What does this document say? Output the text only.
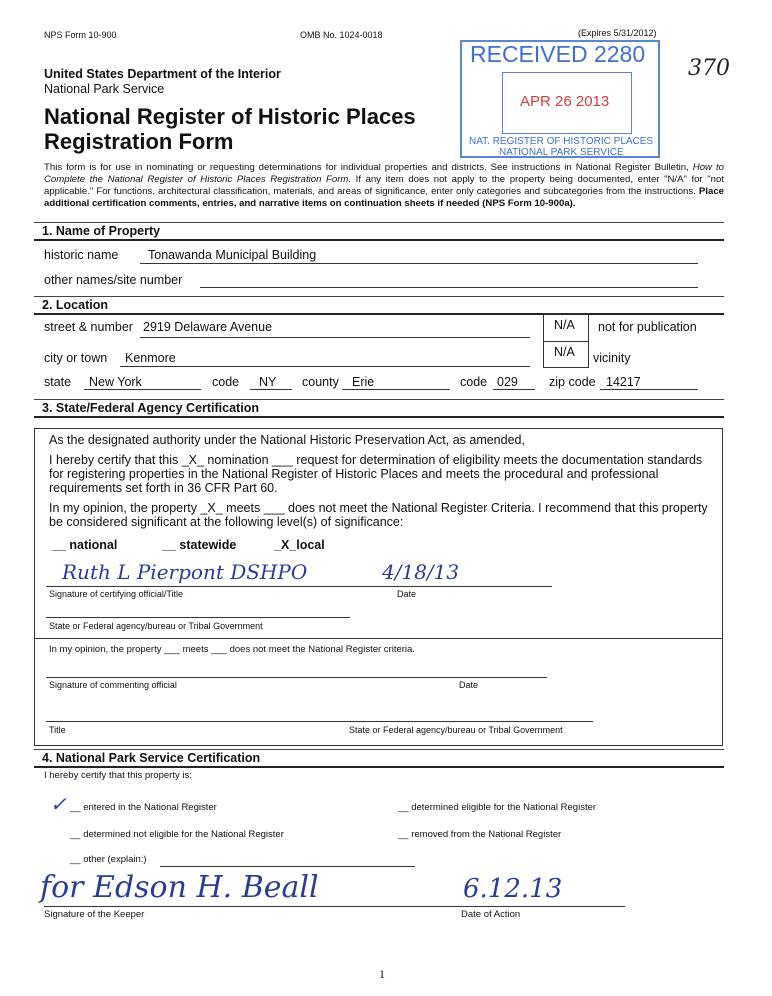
NPS Form 10-900	OMB No. 1024-0018	(Expires 5/31/2012)
RECEIVED 2280
APR 26 2013
NAT. REGISTER OF HISTORIC PLACES
NATIONAL PARK SERVICE
370
United States Department of the Interior
National Park Service
National Register of Historic Places
Registration Form
This form is for use in nominating or requesting determinations for individual properties and districts. See instructions in National Register Bulletin, How to Complete the National Register of Historic Places Registration Form. If any item does not apply to the property being documented, enter "N/A" for "not applicable." For functions, architectural classification, materials, and areas of significance, enter only categories and subcategories from the instructions. Place additional certification comments, entries, and narrative items on continuation sheets if needed (NPS Form 10-900a).
1. Name of Property
historic name Tonawanda Municipal Building
other names/site number
2. Location
street & number 2919 Delaware Avenue	N/A	not for publication
city or town Kenmore	N/A	vicinity
state New York	code NY county Erie	code 029 zip code 14217
3. State/Federal Agency Certification
As the designated authority under the National Historic Preservation Act, as amended,
I hereby certify that this _X_ nomination ___ request for determination of eligibility meets the documentation standards
for registering properties in the National Register of Historic Places and meets the procedural and professional
requirements set forth in 36 CFR Part 60.
In my opinion, the property _X_ meets ___ does not meet the National Register Criteria. I recommend that this property
be considered significant at the following level(s) of significance:
__ national	__ statewide	_X_local
Ruth L Pierpont DSHPO	4/18/13
Signature of certifying official/Title	Date
State or Federal agency/bureau or Tribal Government
In my opinion, the property ___ meets ___ does not meet the National Register criteria.
Signature of commenting official	Date
Title	State or Federal agency/bureau or Tribal Government
4. National Park Service Certification
I hereby certify that this property is:
✓ __ entered in the National Register	__ determined eligible for the National Register
__ determined not eligible for the National Register	__ removed from the National Register
__ other (explain:)
for Edson H. Beall	6.12.13
Signature of the Keeper	Date of Action
1
